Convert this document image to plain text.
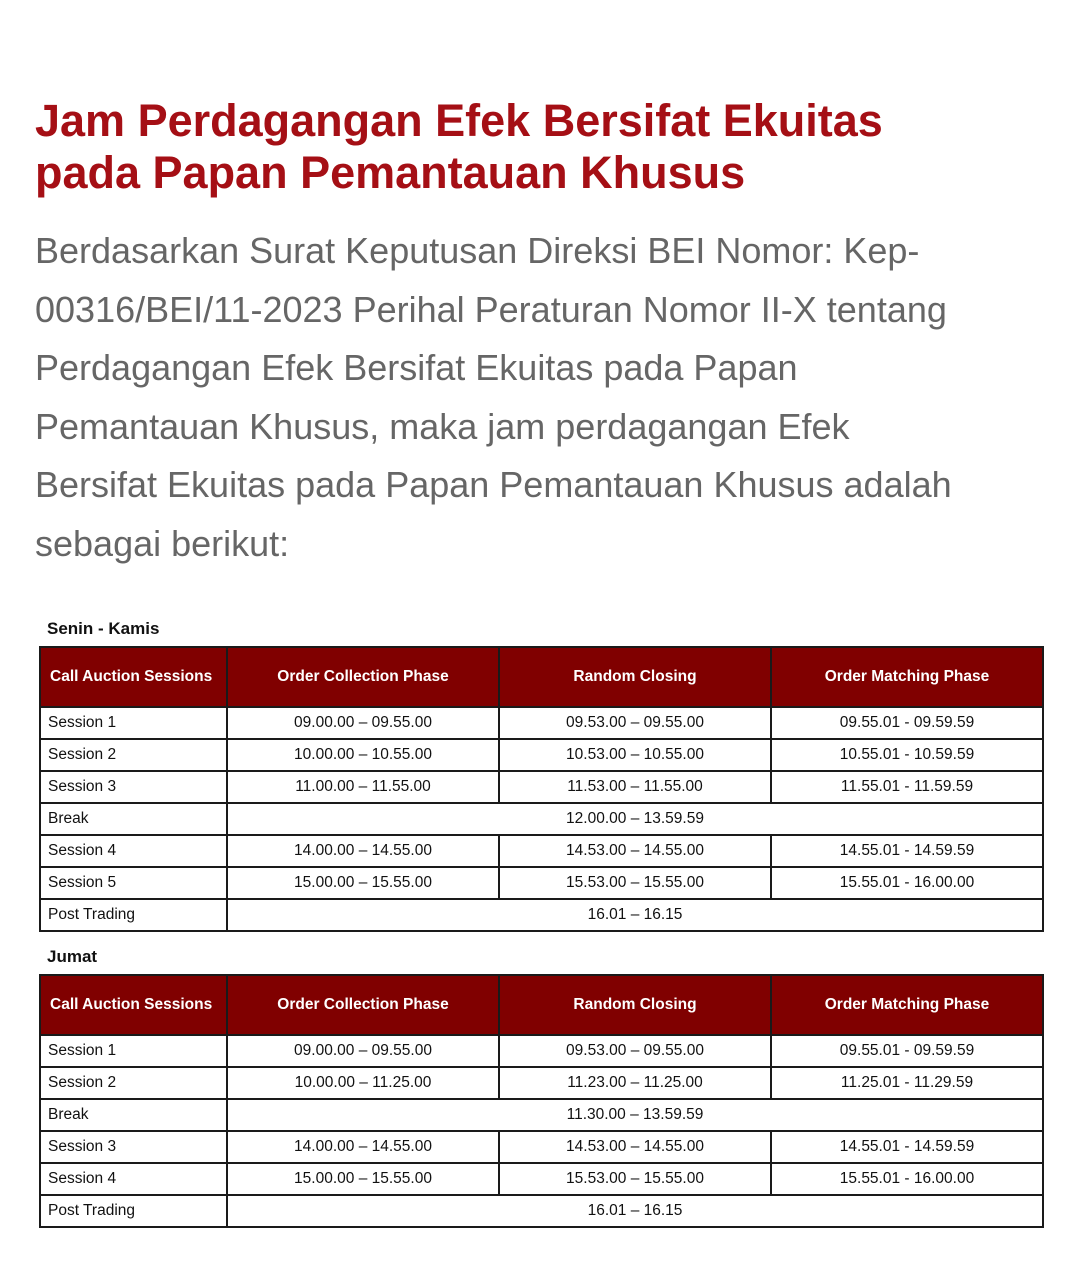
Jam Perdagangan Efek Bersifat Ekuitas
pada Papan Pemantauan Khusus

Berdasarkan Surat Keputusan Direksi BEI Nomor: Kep-
00316/BEI/11-2023 Perihal Peraturan Nomor II-X tentang
Perdagangan Efek Bersifat Ekuitas pada Papan
Pemantauan Khusus, maka jam perdagangan Efek
Bersifat Ekuitas pada Papan Pemantauan Khusus adalah
sebagai berikut:

Senin - Kamis

Call Auction Sessions	Order Collection Phase	Random Closing	Order Matching Phase
Session 1	09.00.00 – 09.55.00	09.53.00 – 09.55.00	09.55.01 - 09.59.59
Session 2	10.00.00 – 10.55.00	10.53.00 – 10.55.00	10.55.01 - 10.59.59
Session 3	11.00.00 – 11.55.00	11.53.00 – 11.55.00	11.55.01 - 11.59.59
Break	12.00.00 – 13.59.59		
Session 4	14.00.00 – 14.55.00	14.53.00 – 14.55.00	14.55.01 - 14.59.59
Session 5	15.00.00 – 15.55.00	15.53.00 – 15.55.00	15.55.01 - 16.00.00
Post Trading	16.01 – 16.15		

Jumat

Call Auction Sessions	Order Collection Phase	Random Closing	Order Matching Phase
Session 1	09.00.00 – 09.55.00	09.53.00 – 09.55.00	09.55.01 - 09.59.59
Session 2	10.00.00 – 11.25.00	11.23.00 – 11.25.00	11.25.01 - 11.29.59
Break	11.30.00 – 13.59.59		
Session 3	14.00.00 – 14.55.00	14.53.00 – 14.55.00	14.55.01 - 14.59.59
Session 4	15.00.00 – 15.55.00	15.53.00 – 15.55.00	15.55.01 - 16.00.00
Post Trading	16.01 – 16.15		
